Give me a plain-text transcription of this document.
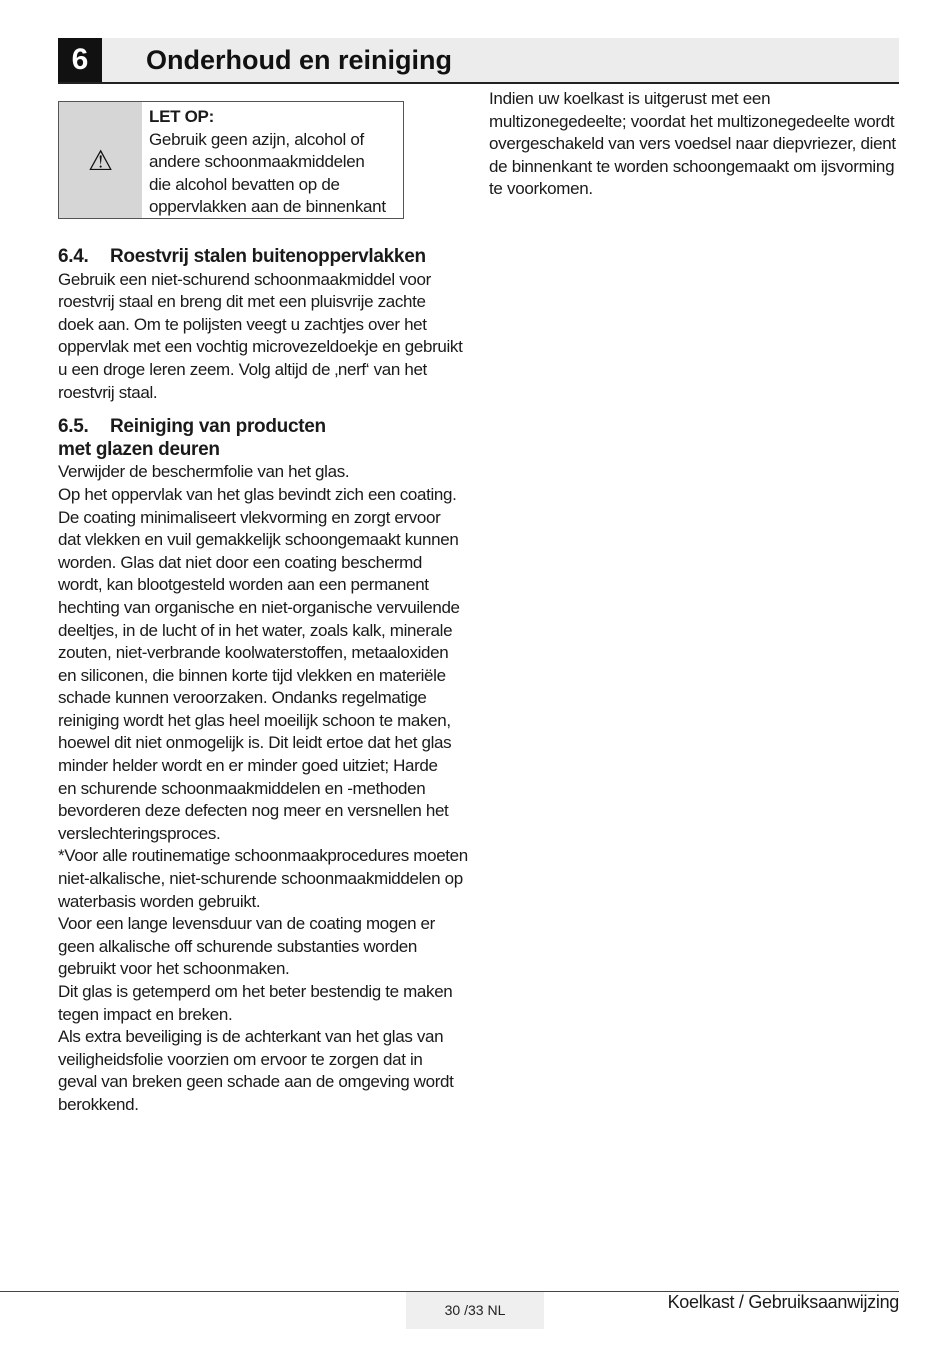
6	Onderhoud en reiniging
⚠
LET OP:
Gebruik geen azijn, alcohol of
andere schoonmaakmiddelen
die alcohol bevatten op de
oppervlakken aan de binnenkant
Indien uw koelkast is uitgerust met een
multizonegedeelte; voordat het multizonegedeelte wordt
overgeschakeld van vers voedsel naar diepvriezer, dient
de binnenkant te worden schoongemaakt om ijsvorming
te voorkomen.
6.4. Roestvrij stalen buitenoppervlakken
Gebruik een niet-schurend schoonmaakmiddel voor
roestvrij staal en breng dit met een pluisvrije zachte
doek aan. Om te polijsten veegt u zachtjes over het
oppervlak met een vochtig microvezeldoekje en gebruikt
u een droge leren zeem. Volg altijd de ‚nerf‘ van het
roestvrij staal.
6.5. Reiniging van producten
met glazen deuren
Verwijder de beschermfolie van het glas.
Op het oppervlak van het glas bevindt zich een coating.
De coating minimaliseert vlekvorming en zorgt ervoor
dat vlekken en vuil gemakkelijk schoongemaakt kunnen
worden. Glas dat niet door een coating beschermd
wordt, kan blootgesteld worden aan een permanent
hechting van organische en niet-organische vervuilende
deeltjes, in de lucht of in het water, zoals kalk, minerale
zouten, niet-verbrande koolwaterstoffen, metaaloxiden
en siliconen, die binnen korte tijd vlekken en materiële
schade kunnen veroorzaken. Ondanks regelmatige
reiniging wordt het glas heel moeilijk schoon te maken,
hoewel dit niet onmogelijk is. Dit leidt ertoe dat het glas
minder helder wordt en er minder goed uitziet; Harde
en schurende schoonmaakmiddelen en -methoden
bevorderen deze defecten nog meer en versnellen het
verslechteringsproces.
*Voor alle routinematige schoonmaakprocedures moeten
niet-alkalische, niet-schurende schoonmaakmiddelen op
waterbasis worden gebruikt.
Voor een lange levensduur van de coating mogen er
geen alkalische off schurende substanties worden
gebruikt voor het schoonmaken.
Dit glas is getemperd om het beter bestendig te maken
tegen impact en breken.
Als extra beveiliging is de achterkant van het glas van
veiligheidsfolie voorzien om ervoor te zorgen dat in
geval van breken geen schade aan de omgeving wordt
berokkend.
30 /33 NL	Koelkast / Gebruiksaanwijzing
